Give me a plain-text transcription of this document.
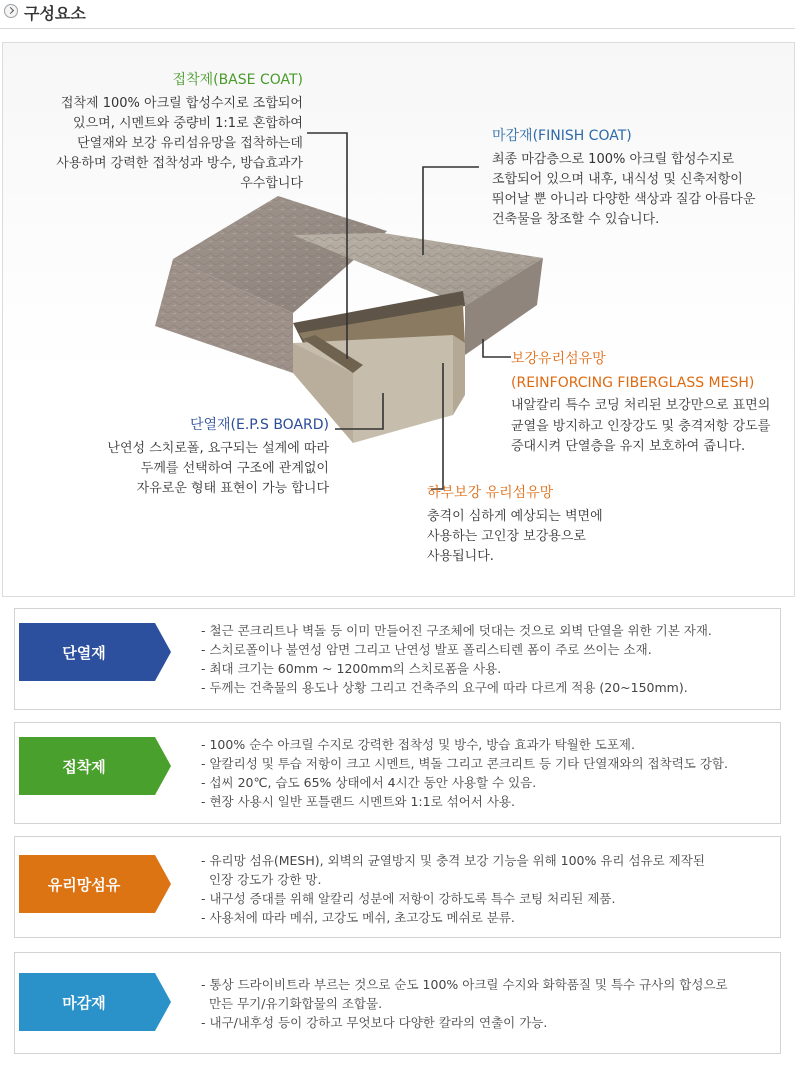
구성요소
접착제(BASE COAT)
접착제 100% 아크릴 합성수지로 조합되어
있으며, 시멘트와 중량비 1:1로 혼합하여
단열재와 보강 유리섬유망을 접착하는데
사용하며 강력한 접착성과 방수, 방습효과가
우수합니다
마감재(FINISH COAT)
최종 마감층으로 100% 아크릴 합성수지로
조합되어 있으며 내후, 내식성 및 신축저항이
뛰어날 뿐 아니라 다양한 색상과 질감 아름다운
건축물을 창조할 수 있습니다.
보강유리섬유망
(REINFORCING FIBERGLASS MESH)
내알칼리 특수 코딩 처리된 보강만으로 표면의
균열을 방지하고 인장강도 및 충격저항 강도를
증대시켜 단열층을 유지 보호하여 줍니다.
단열재(E.P.S BOARD)
난연성 스치로폴, 요구되는 설계에 따라
두께를 선택하여 구조에 관계없이
자유로운 형태 표현이 가능 합니다	하부보강 유리섬유망
충격이 심하게 예상되는 벽면에
사용하는 고인장 보강용으로
사용됩니다.
단열재
- 철근 콘크리트나 벽돌 등 이미 만들어진 구조체에 덧대는 것으로 외벽 단열을 위한 기본 자재.
- 스치로폴이나 불연성 암면 그리고 난연성 발포 폴리스티렌 폼이 주로 쓰이는 소재.
- 최대 크기는 60mm ~ 1200mm의 스치로폼을 사용.
- 두께는 건축물의 용도나 상황 그리고 건축주의 요구에 따라 다르게 적용 (20~150mm).
접착제
- 100% 순수 아크릴 수지로 강력한 접착성 및 방수, 방습 효과가 탁월한 도포제.
- 알칼리성 및 투습 저항이 크고 시멘트, 벽돌 그리고 콘크리트 등 기타 단열재와의 접착력도 강함.
- 섭씨 20℃, 습도 65% 상태에서 4시간 동안 사용할 수 있음.
- 현장 사용시 일반 포틀랜드 시멘트와 1:1로 섞어서 사용.
유리망섬유
- 유리망 섬유(MESH), 외벽의 균열방지 및 충격 보강 기능을 위해 100% 유리 섬유로 제작된
인장 강도가 강한 망.
- 내구성 증대를 위해 알칼리 성분에 저항이 강하도록 특수 코팅 처리된 제품.
- 사용처에 따라 메쉬, 고강도 메쉬, 초고강도 메쉬로 분류.
마감재
- 통상 드라이비트라 부르는 것으로 순도 100% 아크릴 수지와 화학품질 및 특수 규사의 합성으로
만든 무기/유기화합물의 조합물.
- 내구/내후성 등이 강하고 무엇보다 다양한 칼라의 연출이 가능.
